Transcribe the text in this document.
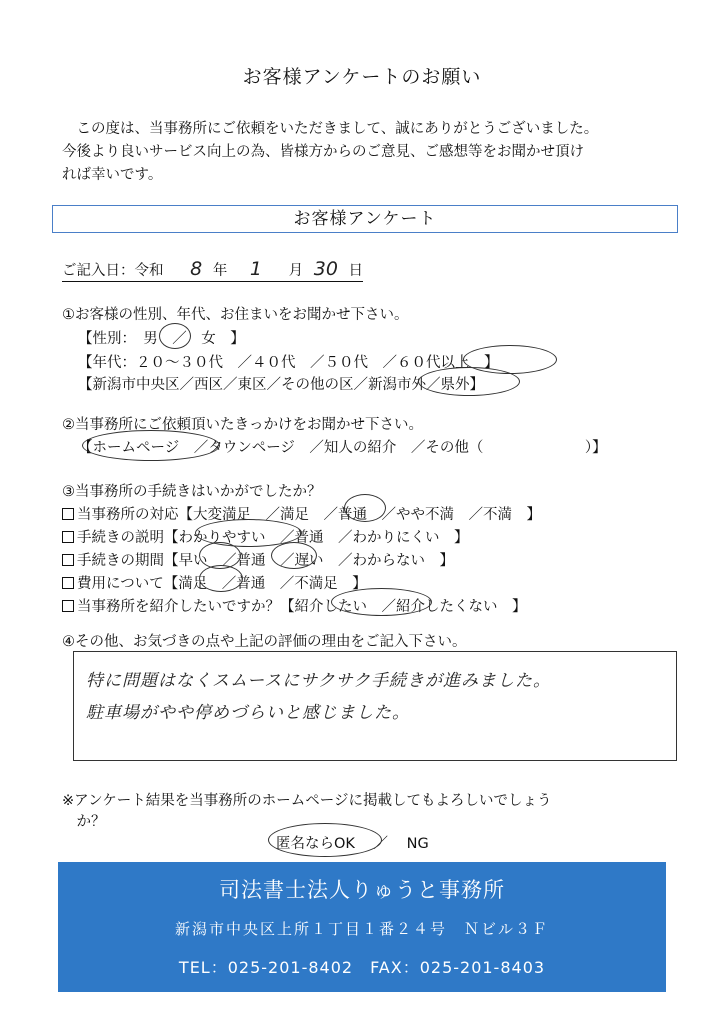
お客様アンケートのお願い

　この度は、当事務所にご依頼をいただきまして、誠にありがとうございました。

今後より良いサービス向上の為、皆様方からのご意見、ご感想等をお聞かせ頂け

れば幸いです。

お客様アンケート
ご記入日：令和 8 年 1 月 30 日
①お客様の性別、年代、お住まいをお聞かせ下さい。
【性別：　男　／　女　】
【年代：２０～３０代　／４０代　／５０代　／６０代以上　】
【新潟市中央区／西区／東区／その他の区／新潟市外／県外】
②当事務所にご依頼頂いたきっかけをお聞かせ下さい。
【ホームページ　／タウンページ　／知人の紹介　／その他（　　　　　　　）】
③当事務所の手続きはいかがでしたか？
当事務所の対応【大変満足　／満足　／普通　／やや不満　／不満　】
手続きの説明【わかりやすい　／普通　／わかりにくい　】
手続きの期間【早い　／普通　／遅い　／わからない　】
費用について【満足　／普通　／不満足　】
当事務所を紹介したいですか？【紹介したい　／紹介したくない　】
④その他、お気づきの点や上記の評価の理由をご記入下さい。
特に問題はなくスムースにサクサク手続きが進みました。
駐車場がやや停めづらいと感じました。
※アンケート結果を当事務所のホームページに掲載してもよろしいでしょう
　か？
匿名ならOK ／ NG
司法書士法人りゅうと事務所
新潟市中央区上所１丁目１番２４号　Ｎビル３Ｆ
TEL：025-201-8402　FAX：025-201-8403
